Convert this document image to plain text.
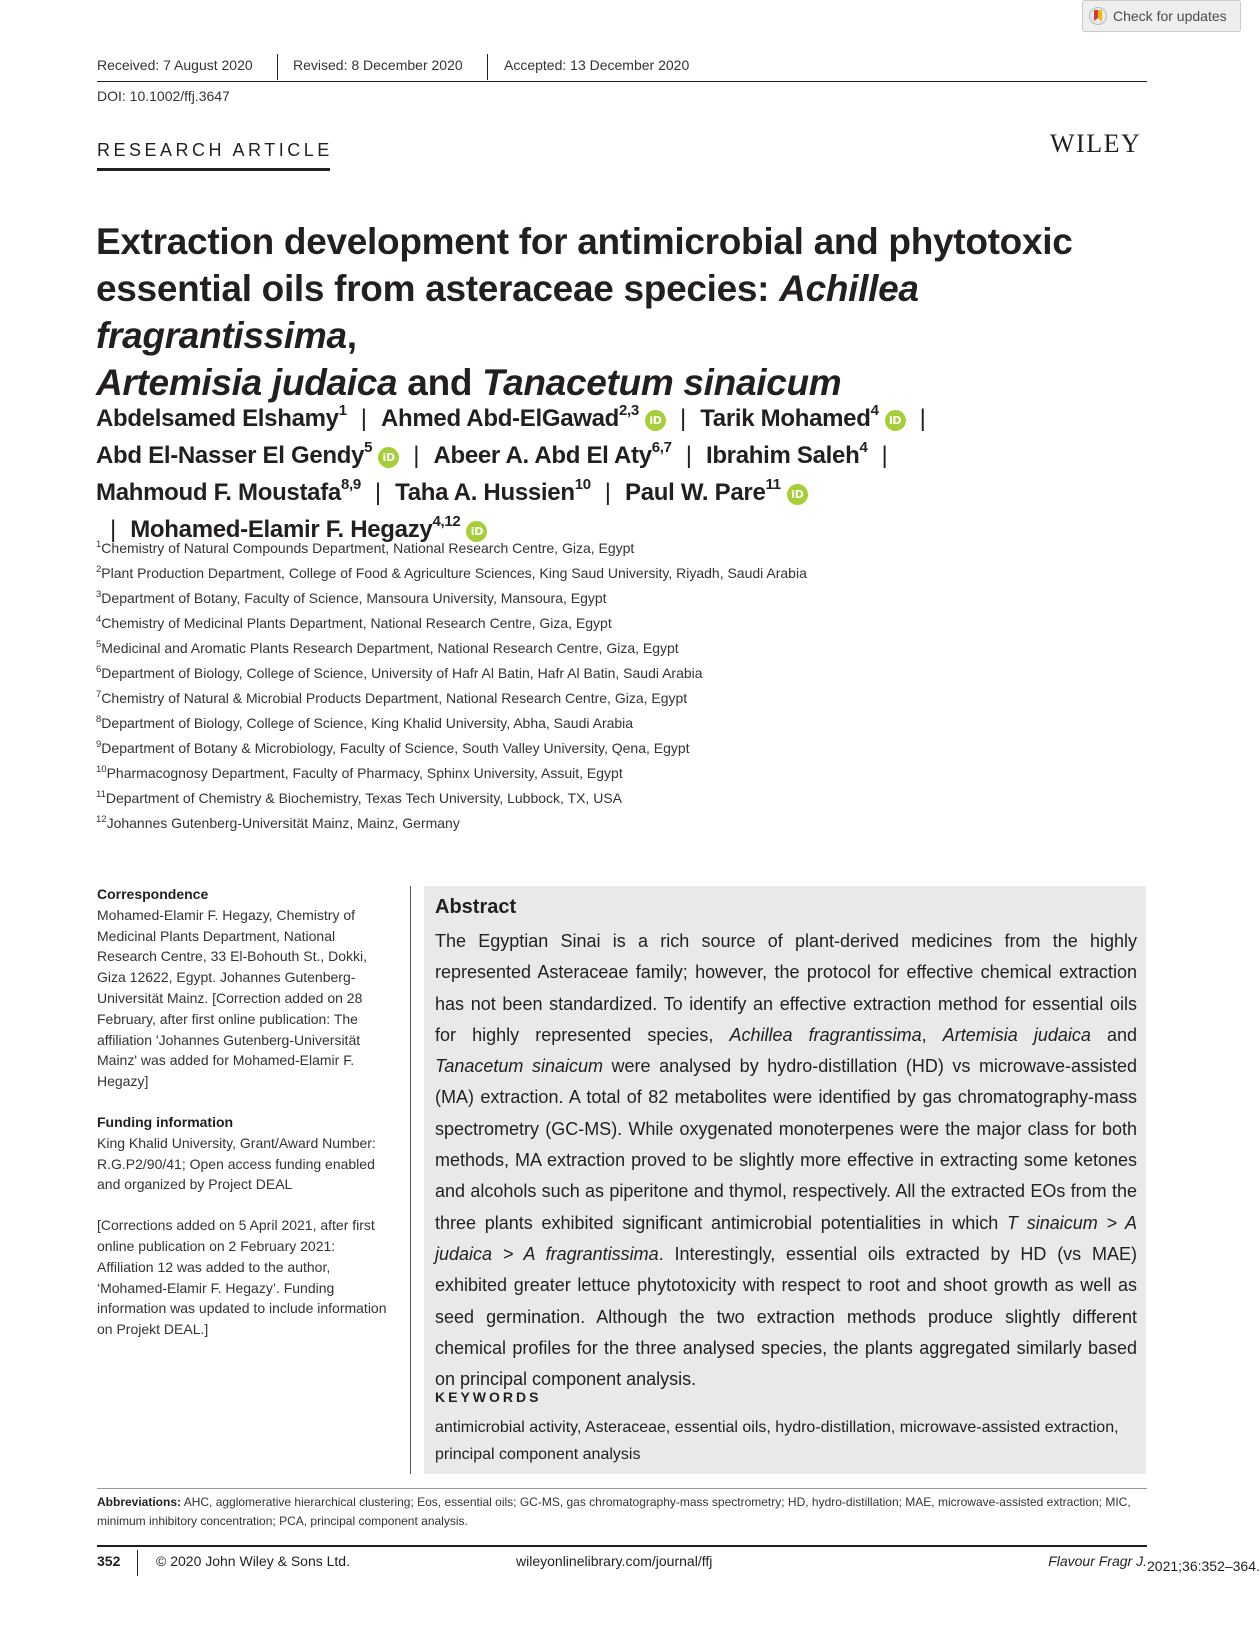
Check for updates
Received: 7 August 2020	Revised: 8 December 2020	Accepted: 13 December 2020
DOI: 10.1002/ffj.3647
RESEARCH ARTICLE	WILEY
Extraction development for antimicrobial and phytotoxic
essential oils from asteraceae species: Achillea fragrantissima,
Artemisia judaica and Tanacetum sinaicum
Abdelsamed Elshamy$^1$ | Ahmed Abd-ElGawad$^{2,3}$iD | Tarik Mohamed$^4$iD |
Abd El-Nasser El Gendy$^5$iD | Abeer A. Abd El Aty$^{6,7}$ | Ibrahim Saleh$^4$ |
Mahmoud F. Moustafa$^{8,9}$ | Taha A. Hussien$^{10}$ | Paul W. Pare$^{11}$iD| Mohamed-Elamir F. Hegazy$^{4,12}$iD
$^1$Chemistry of Natural Compounds Department, National Research Centre, Giza, Egypt
$^2$Plant Production Department, College of Food & Agriculture Sciences, King Saud University, Riyadh, Saudi Arabia
$^3$Department of Botany, Faculty of Science, Mansoura University, Mansoura, Egypt
$^4$Chemistry of Medicinal Plants Department, National Research Centre, Giza, Egypt
$^5$Medicinal and Aromatic Plants Research Department, National Research Centre, Giza, Egypt
$^6$Department of Biology, College of Science, University of Hafr Al Batin, Hafr Al Batin, Saudi Arabia
$^7$Chemistry of Natural & Microbial Products Department, National Research Centre, Giza, Egypt
$^8$Department of Biology, College of Science, King Khalid University, Abha, Saudi Arabia
$^9$Department of Botany & Microbiology, Faculty of Science, South Valley University, Qena, Egypt
$^{10}$Pharmacognosy Department, Faculty of Pharmacy, Sphinx University, Assuit, Egypt
$^{11}$Department of Chemistry & Biochemistry, Texas Tech University, Lubbock, TX, USA
$^{12}$Johannes Gutenberg-Universität Mainz, Mainz, Germany
Correspondence
Mohamed-Elamir F. Hegazy, Chemistry of Medicinal Plants Department, National Research Centre, 33 El-Bohouth St., Dokki, Giza 12622, Egypt. Johannes Gutenberg-Universität Mainz. [Correction added on 28 February, after first online publication: The affiliation 'Johannes Gutenberg-Universität Mainz' was added for Mohamed-Elamir F. Hegazy]
Funding information
King Khalid University, Grant/Award Number: R.G.P2/90/41; Open access funding enabled and organized by Project DEAL
[Corrections added on 5 April 2021, after first online publication on 2 February 2021: Affiliation 12 was added to the author, ‘Mohamed-Elamir F. Hegazy’. Funding information was updated to include information on Projekt DEAL.]
Abstract
The Egyptian Sinai is a rich source of plant-derived medicines from the highly represented Asteraceae family; however, the protocol for effective chemical extraction has not been standardized. To identify an effective extraction method for essential oils for highly represented species, Achillea fragrantissima, Artemisia judaica and Tanacetum sinaicum were analysed by hydro-distillation (HD) vs microwave-assisted (MA) extraction. A total of 82 metabolites were identified by gas chromatography-mass spectrometry (GC-MS). While oxygenated monoterpenes were the major class for both methods, MA extraction proved to be slightly more effective in extracting some ketones and alcohols such as piperitone and thymol, respectively. All the extracted EOs from the three plants exhibited significant antimicrobial potentialities in which T sinaicum > A judaica > A fragrantissima. Interestingly, essential oils extracted by HD (vs MAE) exhibited greater lettuce phytotoxicity with respect to root and shoot growth as well as seed germination. Although the two extraction methods produce slightly different chemical profiles for the three analysed species, the plants aggregated similarly based on principal component analysis.
KEYWORDS
antimicrobial activity, Asteraceae, essential oils, hydro-distillation, microwave-assisted extraction, principal component analysis
Abbreviations: AHC, agglomerative hierarchical clustering; Eos, essential oils; GC-MS, gas chromatography-mass spectrometry; HD, hydro-distillation; MAE, microwave-assisted extraction; MIC, minimum inhibitory concentration; PCA, principal component analysis.
352	© 2020 John Wiley & Sons Ltd.	wileyonlinelibrary.com/journal/ffj	Flavour Fragr J. 2021;36:352–364.
